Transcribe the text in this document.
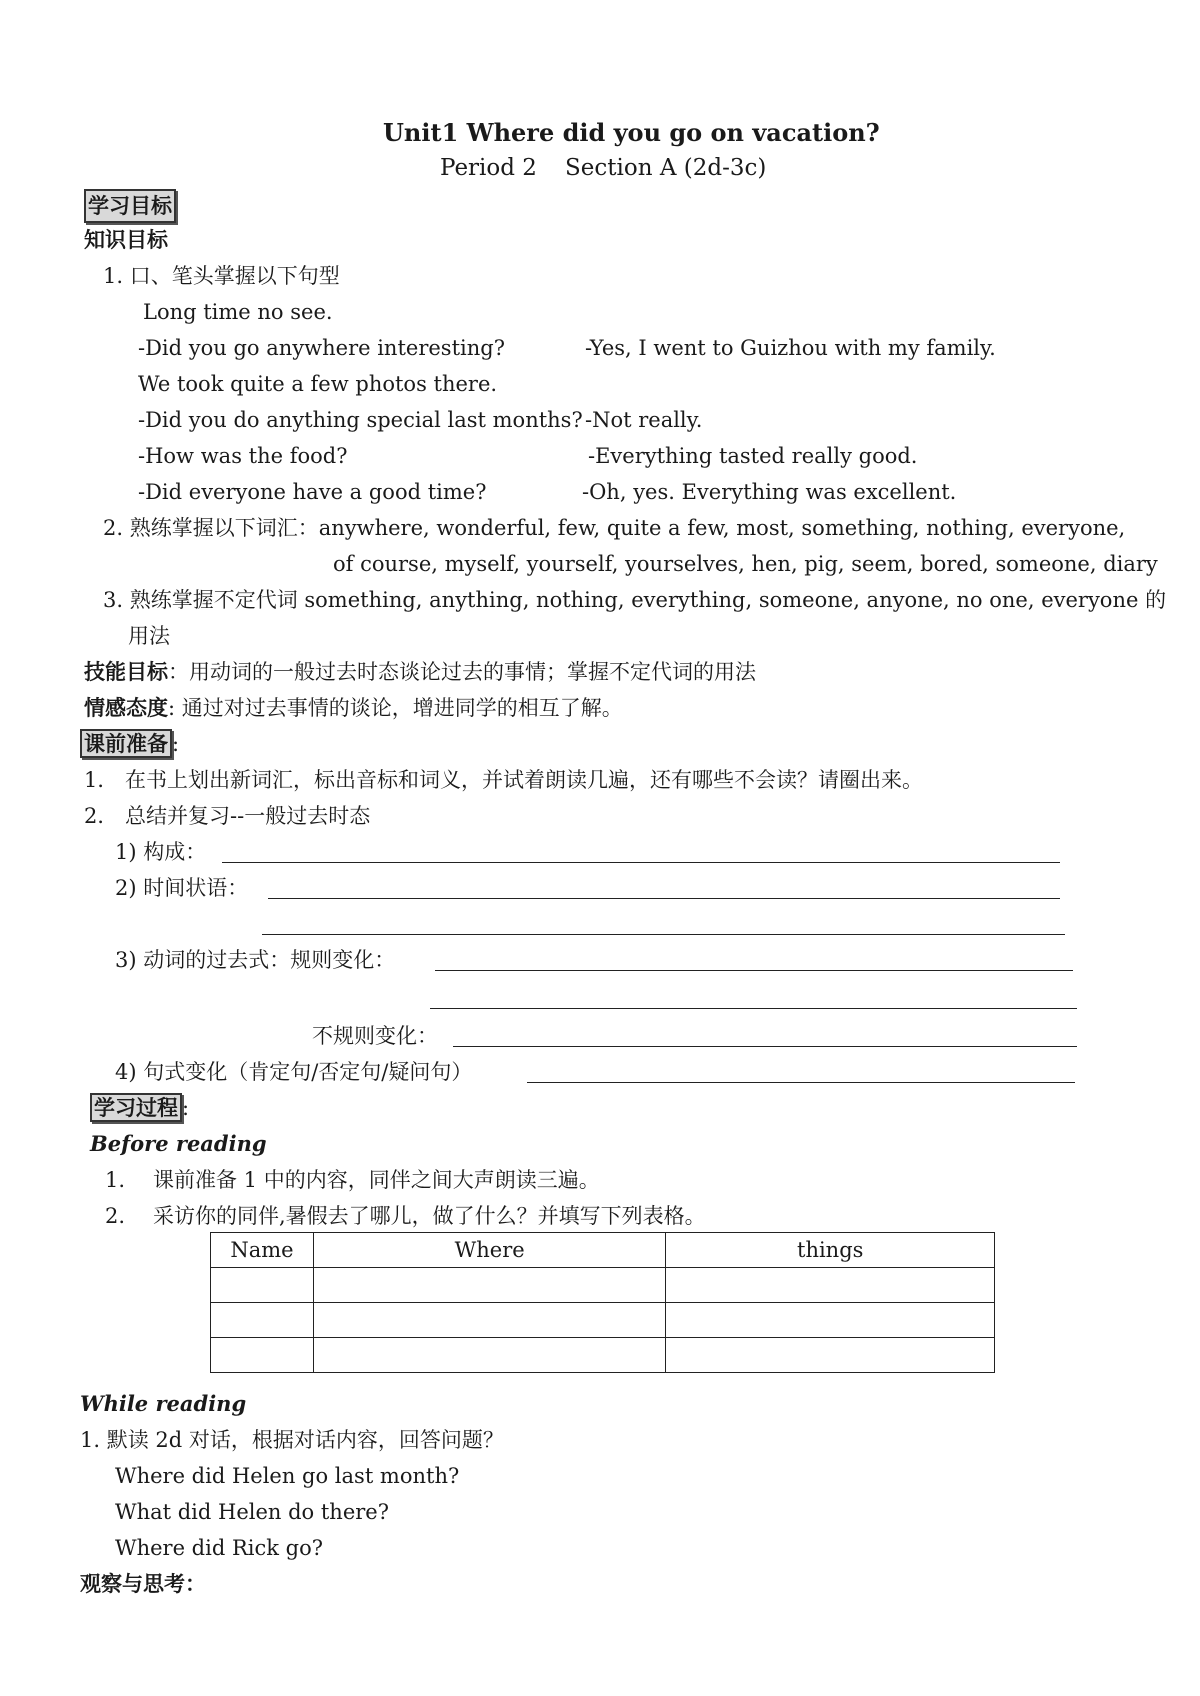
Unit1 Where did you go on vacation?
Period 2 Section A (2d-3c)
学习目标
知识目标
1. 口、笔头掌握以下句型
Long time no see.
-Did you go anywhere interesting?	-Yes, I went to Guizhou with my family.
We took quite a few photos there.
-Did you do anything special last months? -Not really.
-How was the food?	-Everything tasted really good.
-Did everyone have a good time?	-Oh, yes. Everything was excellent.
2. 熟练掌握以下词汇：anywhere, wonderful, few, quite a few, most, something, nothing, everyone,
of course, myself, yourself, yourselves, hen, pig, seem, bored, someone, diary
3. 熟练掌握不定代词 something, anything, nothing, everything, someone, anyone, no one, everyone 的
用法
技能目标：用动词的一般过去时态谈论过去的事情；掌握不定代词的用法
情感态度: 通过对过去事情的谈论，增进同学的相互了解。
课前准备 :
1． 在书上划出新词汇，标出音标和词义，并试着朗读几遍，还有哪些不会读？请圈出来。
2． 总结并复习--一般过去时态
1) 构成：
2) 时间状语：
3) 动词的过去式：规则变化：
不规则变化：
4) 句式变化（肯定句/否定句/疑问句）
学习过程 :
Before reading
1. 课前准备 1 中的内容，同伴之间大声朗读三遍。
2. 采访你的同伴,暑假去了哪儿，做了什么？并填写下列表格。
Name	Where	things

While reading
1. 默读 2d 对话，根据对话内容，回答问题？
Where did Helen go last month?
What did Helen do there?
Where did Rick go?
观察与思考：
